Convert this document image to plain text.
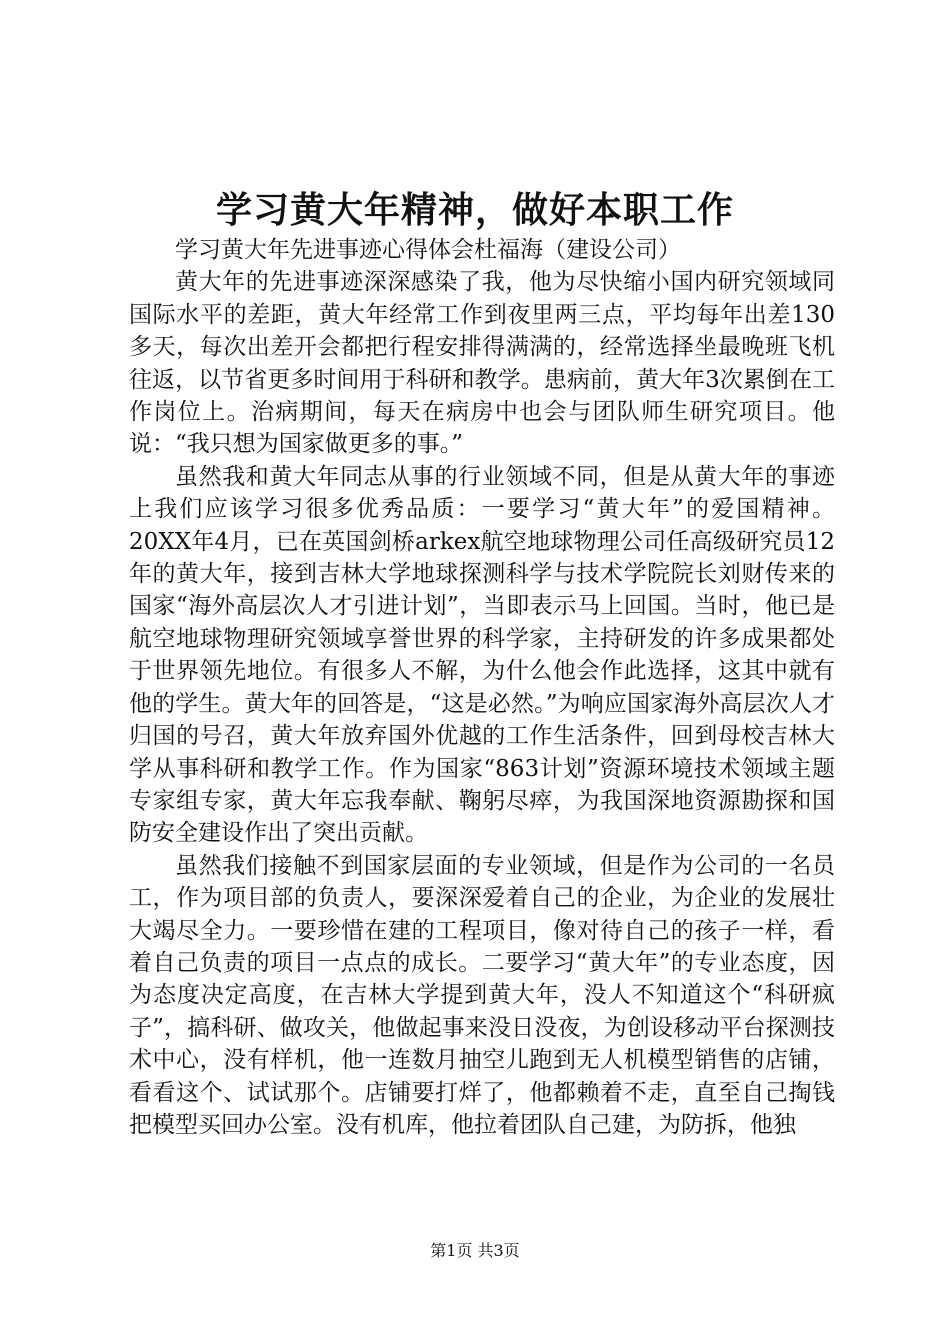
学习黄大年精神，做好本职工作

学习黄大年先进事迹心得体会杜福海（建设公司）

黄大年的先进事迹深深感染了我，他为尽快缩小国内研究领域同国际水平的差距，黄大年经常工作到夜里两三点，平均每年出差130多天，每次出差开会都把行程安排得满满的，经常选择坐最晚班飞机往返，以节省更多时间用于科研和教学。患病前，黄大年3次累倒在工作岗位上。治病期间，每天在病房中也会与团队师生研究项目。他说：“我只想为国家做更多的事。”

虽然我和黄大年同志从事的行业领域不同，但是从黄大年的事迹上我们应该学习很多优秀品质：一要学习“黄大年”的爱国精神。20XX年4月，已在英国剑桥arkex航空地球物理公司任高级研究员12年的黄大年，接到吉林大学地球探测科学与技术学院院长刘财传来的国家“海外高层次人才引进计划”，当即表示马上回国。当时，他已是航空地球物理研究领域享誉世界的科学家，主持研发的许多成果都处于世界领先地位。有很多人不解，为什么他会作此选择，这其中就有他的学生。黄大年的回答是，“这是必然。”为响应国家海外高层次人才归国的号召，黄大年放弃国外优越的工作生活条件，回到母校吉林大学从事科研和教学工作。作为国家“863计划”资源环境技术领域主题专家组专家，黄大年忘我奉献、鞠躬尽瘁，为我国深地资源勘探和国防安全建设作出了突出贡献。

虽然我们接触不到国家层面的专业领域，但是作为公司的一名员工，作为项目部的负责人，要深深爱着自己的企业，为企业的发展壮大竭尽全力。一要珍惜在建的工程项目，像对待自己的孩子一样，看着自己负责的项目一点点的成长。二要学习“黄大年”的专业态度，因为态度决定高度，在吉林大学提到黄大年，没人不知道这个“科研疯子”，搞科研、做攻关，他做起事来没日没夜，为创设移动平台探测技术中心，没有样机，他一连数月抽空儿跑到无人机模型销售的店铺，看看这个、试试那个。店铺要打烊了，他都赖着不走，直至自己掏钱把模型买回办公室。没有机库，他拉着团队自己建，为防拆，他独

第1页 共3页
